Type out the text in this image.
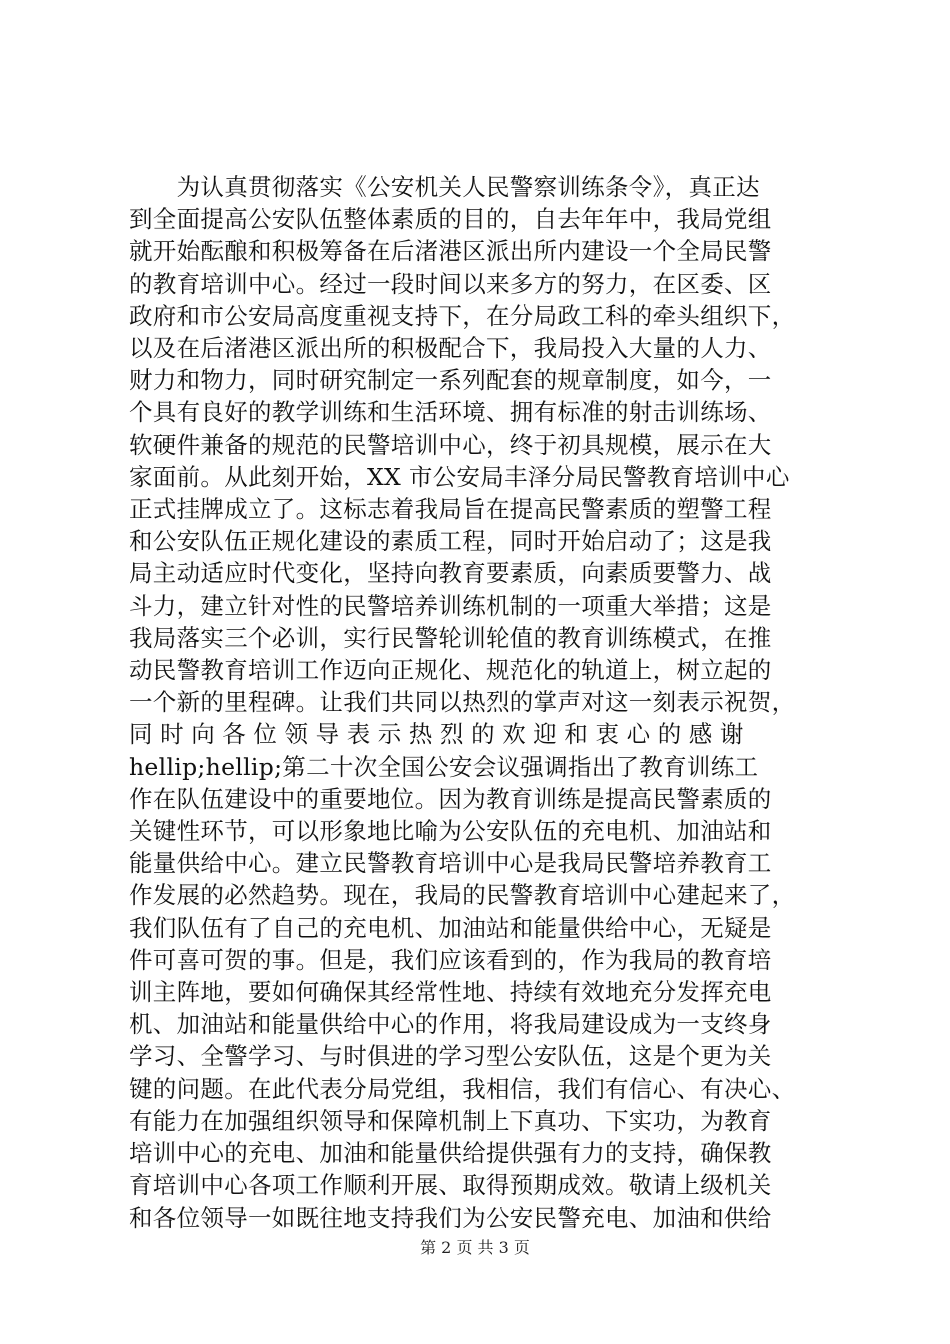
　　为认真贯彻落实《公安机关人民警察训练条令》，真正达
到全面提高公安队伍整体素质的目的，自去年年中，我局党组
就开始酝酿和积极筹备在后渚港区派出所内建设一个全局民警
的教育培训中心。经过一段时间以来多方的努力，在区委、区
政府和市公安局高度重视支持下，在分局政工科的牵头组织下，
以及在后渚港区派出所的积极配合下，我局投入大量的人力、
财力和物力，同时研究制定一系列配套的规章制度，如今，一
个具有良好的教学训练和生活环境、拥有标准的射击训练场、
软硬件兼备的规范的民警培训中心，终于初具规模，展示在大
家面前。从此刻开始，XX 市公安局丰泽分局民警教育培训中心
正式挂牌成立了。这标志着我局旨在提高民警素质的塑警工程
和公安队伍正规化建设的素质工程，同时开始启动了；这是我
局主动适应时代变化，坚持向教育要素质，向素质要警力、战
斗力，建立针对性的民警培养训练机制的一项重大举措；这是
我局落实三个必训，实行民警轮训轮值的教育训练模式，在推
动民警教育培训工作迈向正规化、规范化的轨道上，树立起的
一个新的里程碑。让我们共同以热烈的掌声对这一刻表示祝贺，
同时向各位领导表示热烈的欢迎和衷心的感谢
hellip;hellip;第二十次全国公安会议强调指出了教育训练工
作在队伍建设中的重要地位。因为教育训练是提高民警素质的
关键性环节，可以形象地比喻为公安队伍的充电机、加油站和
能量供给中心。建立民警教育培训中心是我局民警培养教育工
作发展的必然趋势。现在，我局的民警教育培训中心建起来了，
我们队伍有了自己的充电机、加油站和能量供给中心，无疑是
件可喜可贺的事。但是，我们应该看到的，作为我局的教育培
训主阵地，要如何确保其经常性地、持续有效地充分发挥充电
机、加油站和能量供给中心的作用，将我局建设成为一支终身
学习、全警学习、与时俱进的学习型公安队伍，这是个更为关
键的问题。在此代表分局党组，我相信，我们有信心、有决心、
有能力在加强组织领导和保障机制上下真功、下实功，为教育
培训中心的充电、加油和能量供给提供强有力的支持，确保教
育培训中心各项工作顺利开展、取得预期成效。敬请上级机关
和各位领导一如既往地支持我们为公安民警充电、加油和供给
第 2 页 共 3 页
